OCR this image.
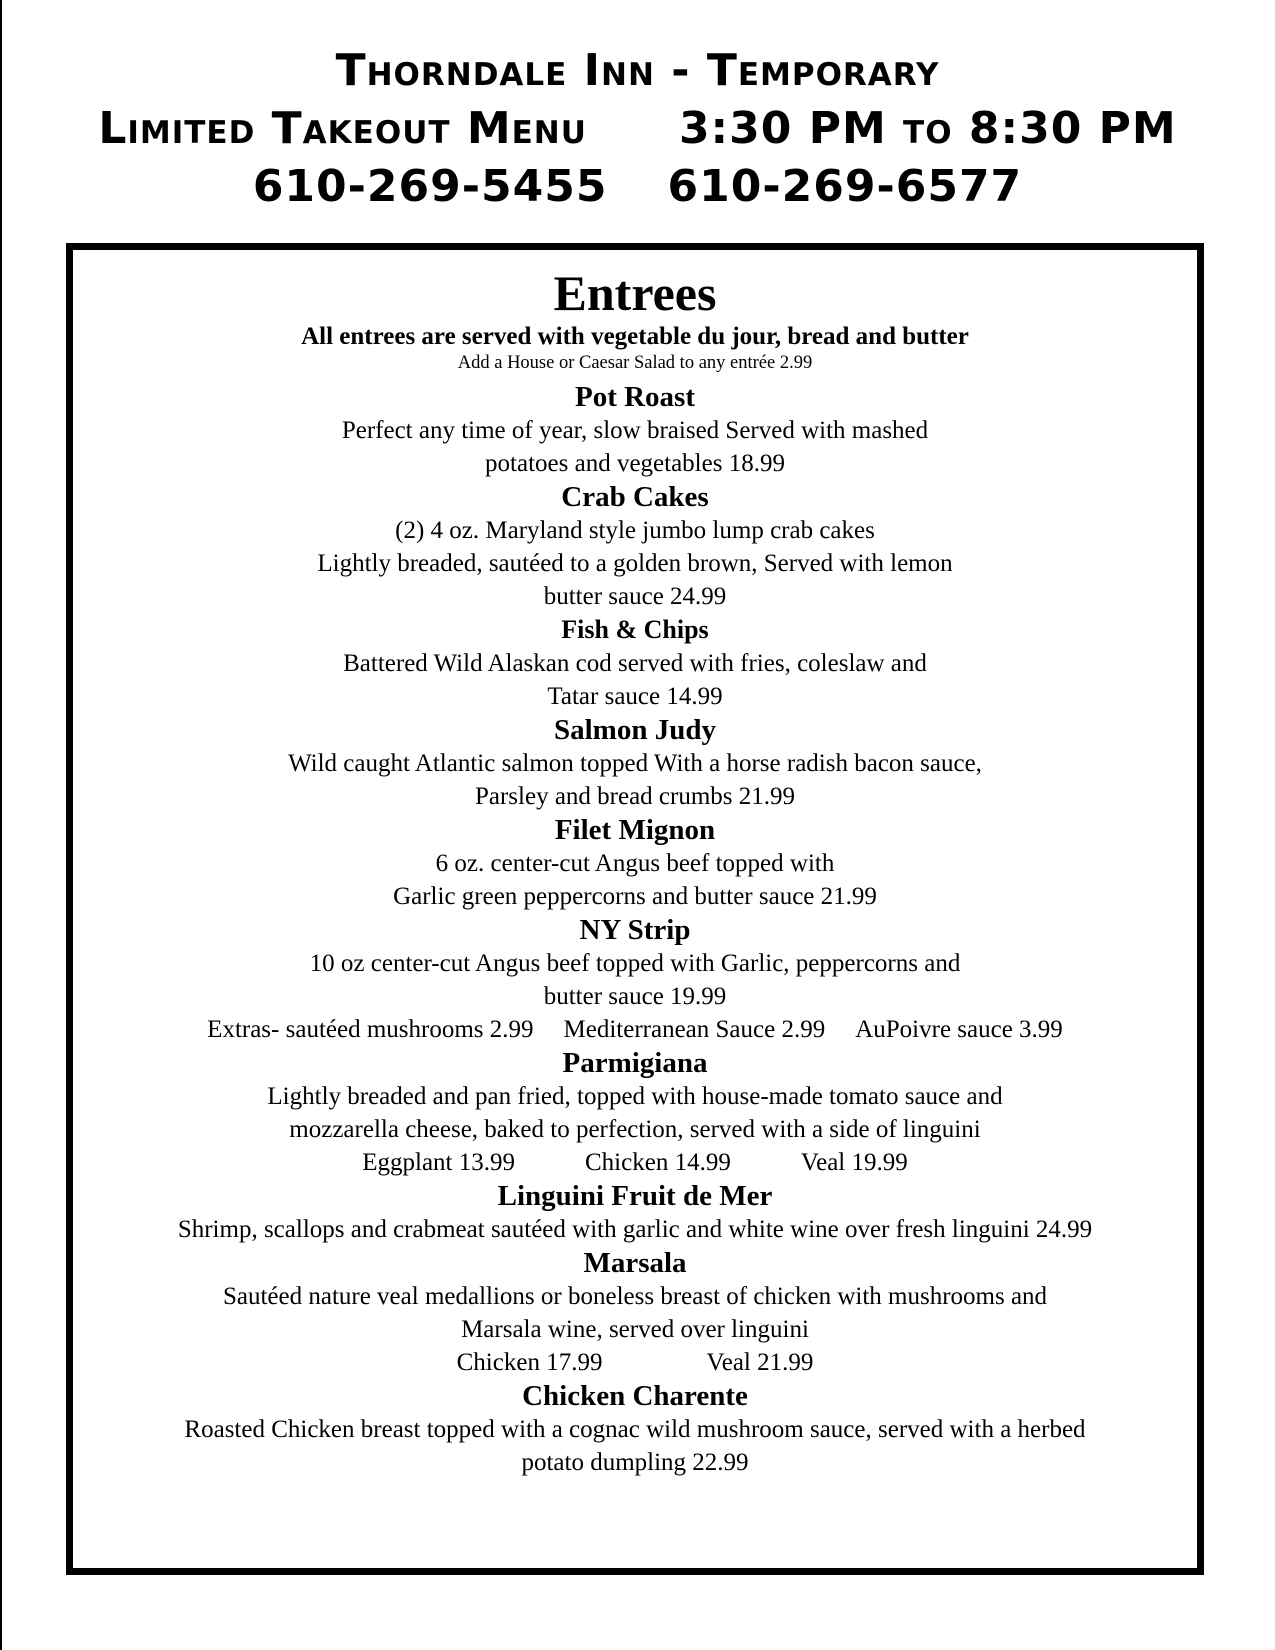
Thorndale Inn - Temporary
Limited Takeout Menu 3:30 PM to 8:30 PM
610-269-5455 610-269-6577
Entrees
All entrees are served with vegetable du jour, bread and butter
Add a House or Caesar Salad to any entrée 2.99
Pot Roast
Perfect any time of year, slow braised Served with mashed
potatoes and vegetables 18.99
Crab Cakes
(2) 4 oz. Maryland style jumbo lump crab cakes
Lightly breaded, sautéed to a golden brown, Served with lemon
butter sauce 24.99
Fish & Chips
Battered Wild Alaskan cod served with fries, coleslaw and
Tatar sauce 14.99
Salmon Judy
Wild caught Atlantic salmon topped With a horse radish bacon sauce,
Parsley and bread crumbs 21.99
Filet Mignon
6 oz. center-cut Angus beef topped with
Garlic green peppercorns and butter sauce 21.99
NY Strip
10 oz center-cut Angus beef topped with Garlic, peppercorns and
butter sauce 19.99
Extras- sautéed mushrooms 2.99 Mediterranean Sauce 2.99 AuPoivre sauce 3.99
Parmigiana
Lightly breaded and pan fried, topped with house-made tomato sauce and
mozzarella cheese, baked to perfection, served with a side of linguini
Eggplant 13.99	Chicken 14.99	Veal 19.99
Linguini Fruit de Mer
Shrimp, scallops and crabmeat sautéed with garlic and white wine over fresh linguini 24.99
Marsala
Sautéed nature veal medallions or boneless breast of chicken with mushrooms and
Marsala wine, served over linguini
Chicken 17.99	Veal 21.99
Chicken Charente
Roasted Chicken breast topped with a cognac wild mushroom sauce, served with a herbed
potato dumpling 22.99
